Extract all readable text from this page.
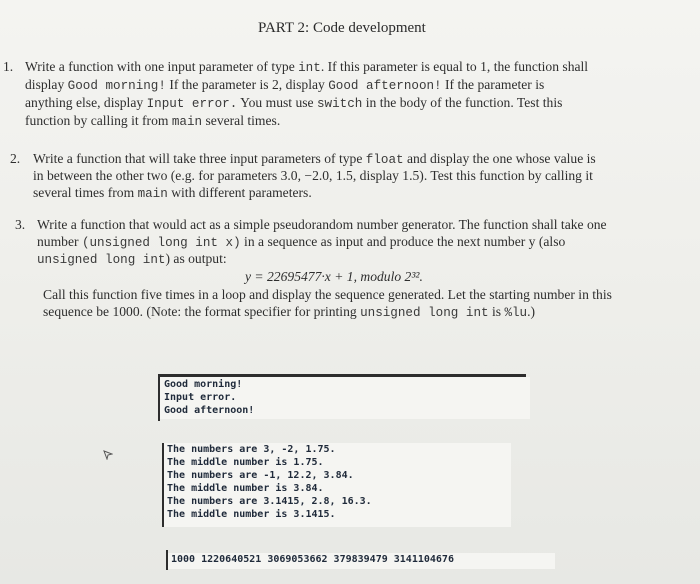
PART 2: Code development
1. Write a function with one input parameter of type int. If this parameter is equal to 1, the function shall
display Good morning! If the parameter is 2, display Good afternoon! If the parameter is
anything else, display Input error. You must use switch in the body of the function. Test this
function by calling it from main several times.
2. Write a function that will take three input parameters of type float and display the one whose value is
in between the other two (e.g. for parameters 3.0, −2.0, 1.5, display 1.5). Test this function by calling it
several times from main with different parameters.
3. Write a function that would act as a simple pseudorandom number generator. The function shall take one
number (unsigned long int x) in a sequence as input and produce the next number y (also
unsigned long int) as output:
y = 22695477·x + 1, modulo 2³².
Call this function five times in a loop and display the sequence generated. Let the starting number in this
sequence be 1000. (Note: the format specifier for printing unsigned long int is %lu.)
Good morning!
Input error.
Good afternoon!
The numbers are 3, -2, 1.75.
The middle number is 1.75.
The numbers are -1, 12.2, 3.84.
The middle number is 3.84.
The numbers are 3.1415, 2.8, 16.3.
The middle number is 3.1415.
1000 1220640521 3069053662 379839479 3141104676
